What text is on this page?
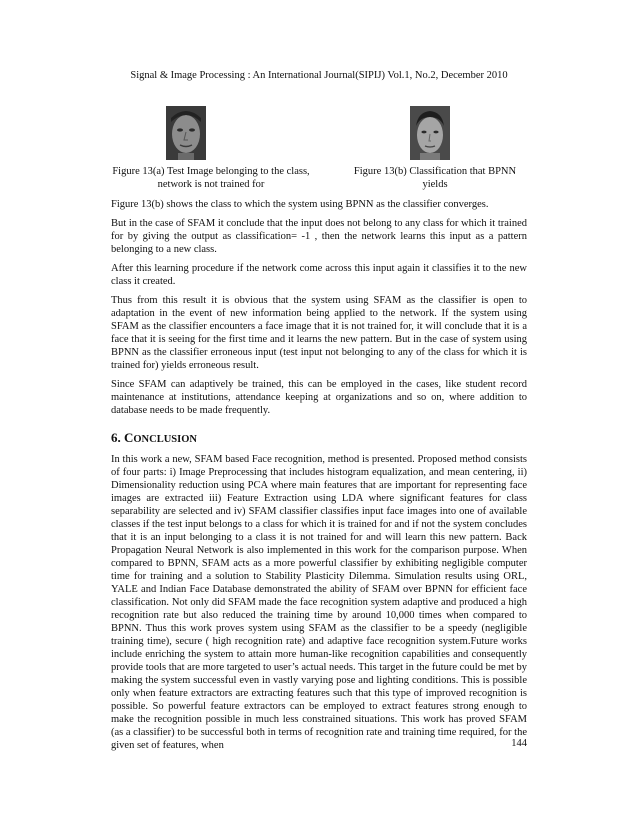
Signal & Image Processing : An International Journal(SIPIJ) Vol.1, No.2, December 2010
Figure 13(a) Test Image belonging to the class,
network is not trained for
Figure 13(b) Classification that BPNN
yields

Figure 13(b) shows the class to which the system using BPNN as the classifier converges.

But in the case of SFAM it conclude that the input does not belong to any class for which it trained for by giving the output as classification= -1 , then the network learns this input as a pattern belonging to a new class.

After this learning procedure if the network come across this input again it classifies it to the new class it created.

Thus from this result it is obvious that the system using SFAM as the classifier is open to adaptation in the event of new information being applied to the network. If the system using SFAM as the classifier encounters a face image that it is not trained for, it will conclude that it is a face that it is seeing for the first time and it learns the new pattern. But in the case of system using BPNN as the classifier erroneous input (test input not belonging to any of the class for which it is trained for) yields erroneous result.

Since SFAM can adaptively be trained, this can be employed in the cases, like student record maintenance at institutions, attendance keeping at organizations and so on, where addition to database needs to be made frequently.

6. CONCLUSION

In this work a new, SFAM based Face recognition, method is presented. Proposed method consists of four parts: i) Image Preprocessing that includes histogram equalization, and mean centering, ii) Dimensionality reduction using PCA where main features that are important for representing face images are extracted iii) Feature Extraction using LDA where significant features for class separability are selected and iv) SFAM classifier classifies input face images into one of available classes if the test input belongs to a class for which it is trained for and if not the system concludes that it is an input belonging to a class it is not trained for and will learn this new pattern. Back Propagation Neural Network is also implemented in this work for the comparison purpose. When compared to BPNN, SFAM acts as a more powerful classifier by exhibiting negligible computer time for training and a solution to Stability Plasticity Dilemma. Simulation results using ORL, YALE and Indian Face Database demonstrated the ability of SFAM over BPNN for efficient face classification. Not only did SFAM made the face recognition system adaptive and produced a high recognition rate but also reduced the training time by around 10,000 times when compared to BPNN. Thus this work proves system using SFAM as the classifier to be a speedy (negligible training time), secure ( high recognition rate) and adaptive face recognition system.Future works include enriching the system to attain more human-like recognition capabilities and consequently provide tools that are more targeted to user’s actual needs. This target in the future could be met by making the system successful even in vastly varying pose and lighting conditions. This is possible only when feature extractors are extracting features such that this type of improved recognition is possible. So powerful feature extractors can be employed to extract features strong enough to make the recognition possible in much less constrained situations. This work has proved SFAM (as a classifier) to be successful both in terms of recognition rate and training time required, for the given set of features, when	144
